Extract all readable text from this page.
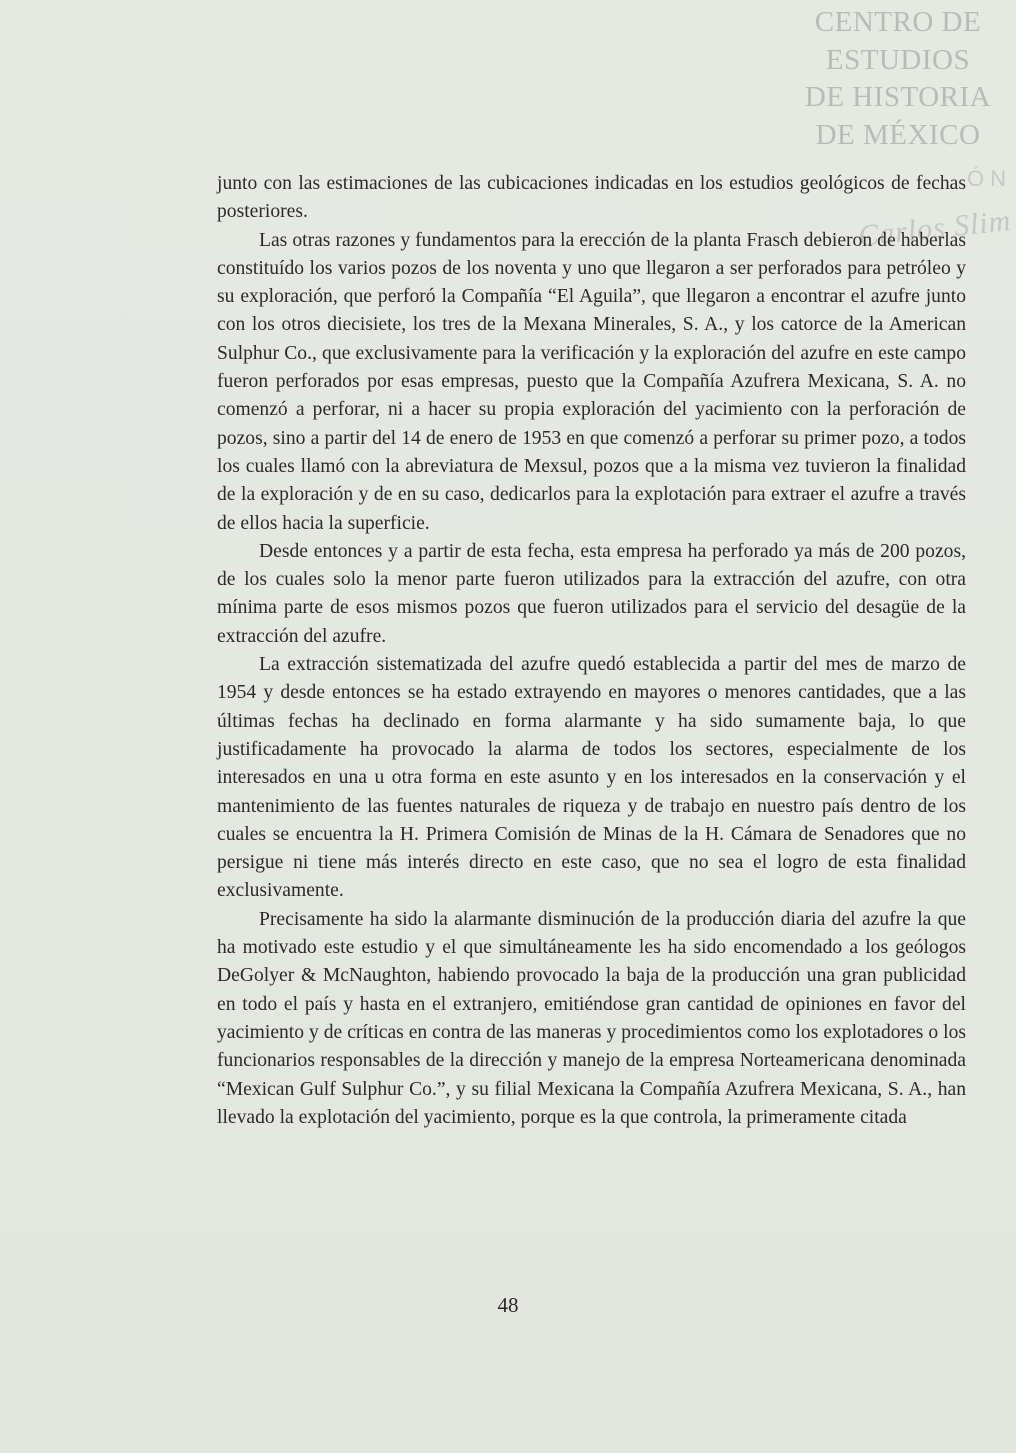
CENTRO DE
ESTUDIOS
DE HISTORIA
DE MÉXICO
ÓN
Carlos Slim

junto con las estimaciones de las cubicaciones indicadas en los estudios geológicos de fechas posteriores.

Las otras razones y fundamentos para la erección de la planta Frasch debieron de haberlas constituído los varios pozos de los noventa y uno que llegaron a ser perforados para petróleo y su exploración, que perforó la Compañía “El Aguila”, que llegaron a encontrar el azufre junto con los otros diecisiete, los tres de la Mexana Minerales, S. A., y los catorce de la American Sulphur Co., que exclusivamente para la verificación y la exploración del azufre en este campo fueron perforados por esas empresas, puesto que la Compañía Azufrera Mexicana, S. A. no comenzó a perforar, ni a hacer su propia exploración del yacimiento con la perforación de pozos, sino a partir del 14 de enero de 1953 en que comenzó a perforar su primer pozo, a todos los cuales llamó con la abreviatura de Mexsul, pozos que a la misma vez tuvieron la finalidad de la exploración y de en su caso, dedicarlos para la explotación para extraer el azufre a través de ellos hacia la superficie.

Desde entonces y a partir de esta fecha, esta empresa ha perforado ya más de 200 pozos, de los cuales solo la menor parte fueron utilizados para la extracción del azufre, con otra mínima parte de esos mismos pozos que fueron utilizados para el servicio del desagüe de la extracción del azufre.

La extracción sistematizada del azufre quedó establecida a partir del mes de marzo de 1954 y desde entonces se ha estado extrayendo en mayores o menores cantidades, que a las últimas fechas ha declinado en forma alarmante y ha sido sumamente baja, lo que justificadamente ha provocado la alarma de todos los sectores, especialmente de los interesados en una u otra forma en este asunto y en los interesados en la conservación y el mantenimiento de las fuentes naturales de riqueza y de trabajo en nuestro país dentro de los cuales se encuentra la H. Primera Comisión de Minas de la H. Cámara de Senadores que no persigue ni tiene más interés directo en este caso, que no sea el logro de esta finalidad exclusivamente.

Precisamente ha sido la alarmante disminución de la producción diaria del azufre la que ha motivado este estudio y el que simultáneamente les ha sido encomendado a los geólogos DeGolyer & McNaughton, habiendo provocado la baja de la producción una gran publicidad en todo el país y hasta en el extranjero, emitiéndose gran cantidad de opiniones en favor del yacimiento y de críticas en contra de las maneras y procedimientos como los explotadores o los funcionarios responsables de la dirección y manejo de la empresa Norteamericana denominada “Mexican Gulf Sulphur Co.”, y su filial Mexicana la Compañía Azufrera Mexicana, S. A., han llevado la explotación del yacimiento, porque es la que controla, la primeramente citada

48
